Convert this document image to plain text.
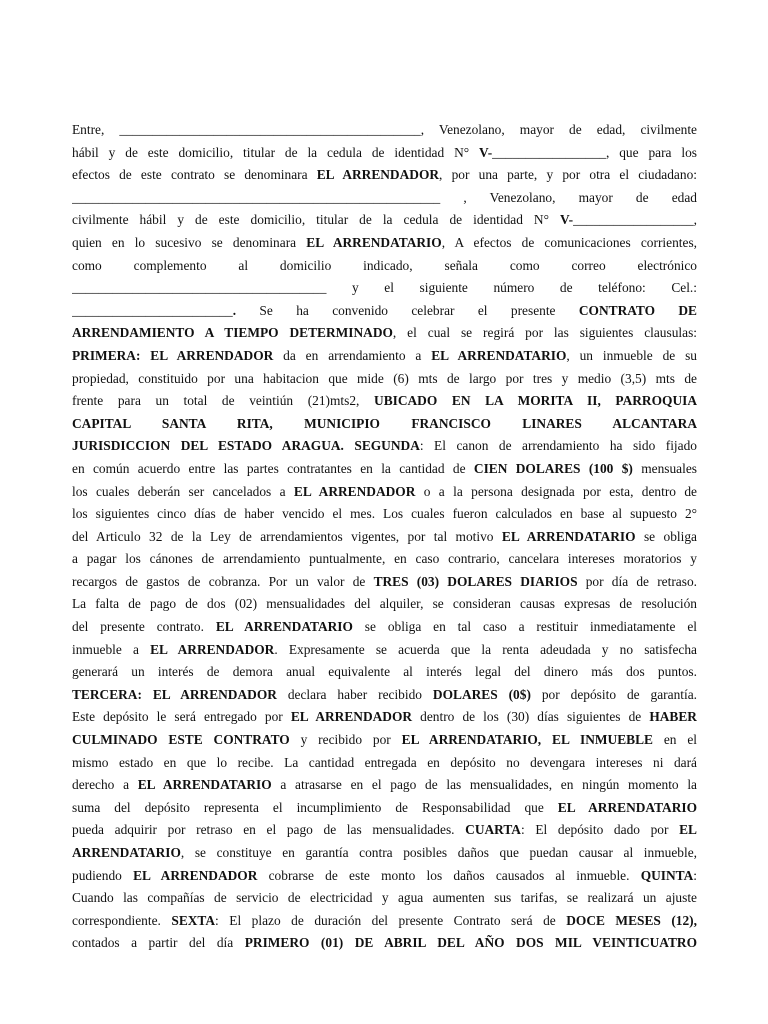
Entre, _____________________________________________, Venezolano, mayor de edad, civilmente
hábil y de este domicilio, titular de la cedula de identidad N° V-_________________, que para los
efectos de este contrato se denominara EL ARRENDADOR, por una parte, y por otra el ciudadano:
_______________________________________________________ , Venezolano, mayor de edad
civilmente hábil y de este domicilio, titular de la cedula de identidad N° V-__________________,
quien en lo sucesivo se denominara EL ARRENDATARIO, A efectos de comunicaciones corrientes,
como complemento al domicilio indicado, señala como correo electrónico
______________________________________ y el siguiente número de teléfono: Cel.:
________________________. Se ha convenido celebrar el presente CONTRATO DE
ARRENDAMIENTO A TIEMPO DETERMINADO, el cual se regirá por las siguientes clausulas:
PRIMERA: EL ARRENDADOR da en arrendamiento a EL ARRENDATARIO, un inmueble de su
propiedad, constituido por una habitacion que mide (6) mts de largo por tres y medio (3,5) mts de
frente para un total de veintiún (21)mts2, UBICADO EN LA MORITA II, PARROQUIA
CAPITAL SANTA RITA, MUNICIPIO FRANCISCO LINARES ALCANTARA
JURISDICCION DEL ESTADO ARAGUA. SEGUNDA: El canon de arrendamiento ha sido fijado
en común acuerdo entre las partes contratantes en la cantidad de CIEN DOLARES (100 $) mensuales
los cuales deberán ser cancelados a EL ARRENDADOR o a la persona designada por esta, dentro de
los siguientes cinco días de haber vencido el mes. Los cuales fueron calculados en base al supuesto 2°
del Articulo 32 de la Ley de arrendamientos vigentes, por tal motivo EL ARRENDATARIO se obliga
a pagar los cánones de arrendamiento puntualmente, en caso contrario, cancelara intereses moratorios y
recargos de gastos de cobranza. Por un valor de TRES (03) DOLARES DIARIOS por día de retraso.
La falta de pago de dos (02) mensualidades del alquiler, se consideran causas expresas de resolución
del presente contrato. EL ARRENDATARIO se obliga en tal caso a restituir inmediatamente el
inmueble a EL ARRENDADOR. Expresamente se acuerda que la renta adeudada y no satisfecha
generará un interés de demora anual equivalente al interés legal del dinero más dos puntos.
TERCERA: EL ARRENDADOR declara haber recibido DOLARES (0$) por depósito de garantía.
Este depósito le será entregado por EL ARRENDADOR dentro de los (30) días siguientes de HABER
CULMINADO ESTE CONTRATO y recibido por EL ARRENDATARIO, EL INMUEBLE en el
mismo estado en que lo recibe. La cantidad entregada en depósito no devengara intereses ni dará
derecho a EL ARRENDATARIO a atrasarse en el pago de las mensualidades, en ningún momento la
suma del depósito representa el incumplimiento de Responsabilidad que EL ARRENDATARIO
pueda adquirir por retraso en el pago de las mensualidades. CUARTA: El depósito dado por EL
ARRENDATARIO, se constituye en garantía contra posibles daños que puedan causar al inmueble,
pudiendo EL ARRENDADOR cobrarse de este monto los daños causados al inmueble. QUINTA:
Cuando las compañías de servicio de electricidad y agua aumenten sus tarifas, se realizará un ajuste
correspondiente. SEXTA: El plazo de duración del presente Contrato será de DOCE MESES (12),
contados a partir del día PRIMERO (01) DE ABRIL DEL AÑO DOS MIL VEINTICUATRO
